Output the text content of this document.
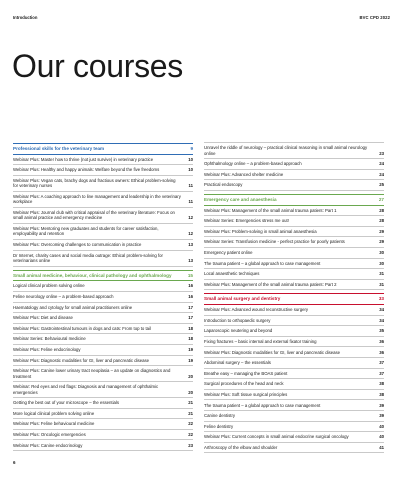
Introduction	BVC CPD 2022
Our courses
Professional skills for the veterinary team	9
Webinar Plus: Master how to thrive (not just survive) in veterinary practice	10
Webinar Plus: Healthy and happy animals: Welfare beyond the five freedoms	10
Webinar Plus: Vegan cats, brachy dogs and fractious owners: Ethical problem-solving for veterinary nurses	11
Webinar Plus: A coaching approach to line management and leadership in the veterinary workplace	11
Webinar Plus: Journal club with critical appraisal of the veterinary literature: Focus on small animal practice and emergency medicine	12
Webinar Plus: Mentoring new graduates and students for career satisfaction, employability and retention	12
Webinar Plus: Overcoming challenges to communication in practice	13
Dr Internet, charity cases and social media outrage: Ethical problem-solving for veterinarians online	13
Small animal medicine, behaviour, clinical pathology and ophthalmology	15
Logical clinical problem solving online	16
Feline neurology online – a problem-based approach	16
Haematology and cytology for small animal practitioners online	17
Webinar Plus: Diet and disease	17
Webinar Plus: Gastrointestinal tumours in dogs and cats: From top to tail	18
Webinar Series: Behavioural medicine	18
Webinar Plus: Feline endocrinology	19
Webinar Plus: Diagnostic modalities for GI, liver and pancreatic disease	19
Webinar Plus: Canine lower urinary tract neoplasia – an update on diagnostics and treatment	20
Webinar: Red eyes and red flags: Diagnosis and management of ophthalmic emergencies	20
Getting the best out of your microscope – the essentials	21
More logical clinical problem solving online	21
Webinar Plus: Feline behavioural medicine	22
Webinar Plus: Oncologic emergencies	22
Webinar Plus: Canine endocrinology	23
Unravel the riddle of neurology – practical clinical reasoning in small animal neurology online	23
Ophthalmology online – a problem-based approach	24
Webinar Plus: Advanced shelter medicine	24
Practical endoscopy	25
Emergency care and anaesthesia	27
Webinar Plus: Management of the small animal trauma patient: Part 1	28
Webinar Series: Emergencies stress me out!	28
Webinar Plus: Problem-solving in small animal anaesthesia	29
Webinar Series: Transfusion medicine - perfect practice for poorly patients	29
Emergency patient online	30
The trauma patient – a global approach to case management	30
Local anaesthetic techniques	31
Webinar Plus: Management of the small animal trauma patient: Part 2	31
Small animal surgery and dentistry	33
Webinar Plus: Advanced wound reconstructive surgery	34
Introduction to orthopaedic surgery	34
Laparoscopic neutering and beyond	35
Fixing fractures – basic internal and external fixator training	36
Webinar Plus: Diagnostic modalities for GI, liver and pancreatic disease	36
Abdominal surgery – the essentials	37
Breathe easy – managing the BOAS patient	37
Surgical procedures of the head and neck	38
Webinar Plus: Soft tissue surgical principles	38
The trauma patient – a global approach to case management	39
Canine dentistry	39
Feline dentistry	40
Webinar Plus: Current concepts in small animal endocrine surgical oncology	40
Arthroscopy of the elbow and shoulder	41
6
